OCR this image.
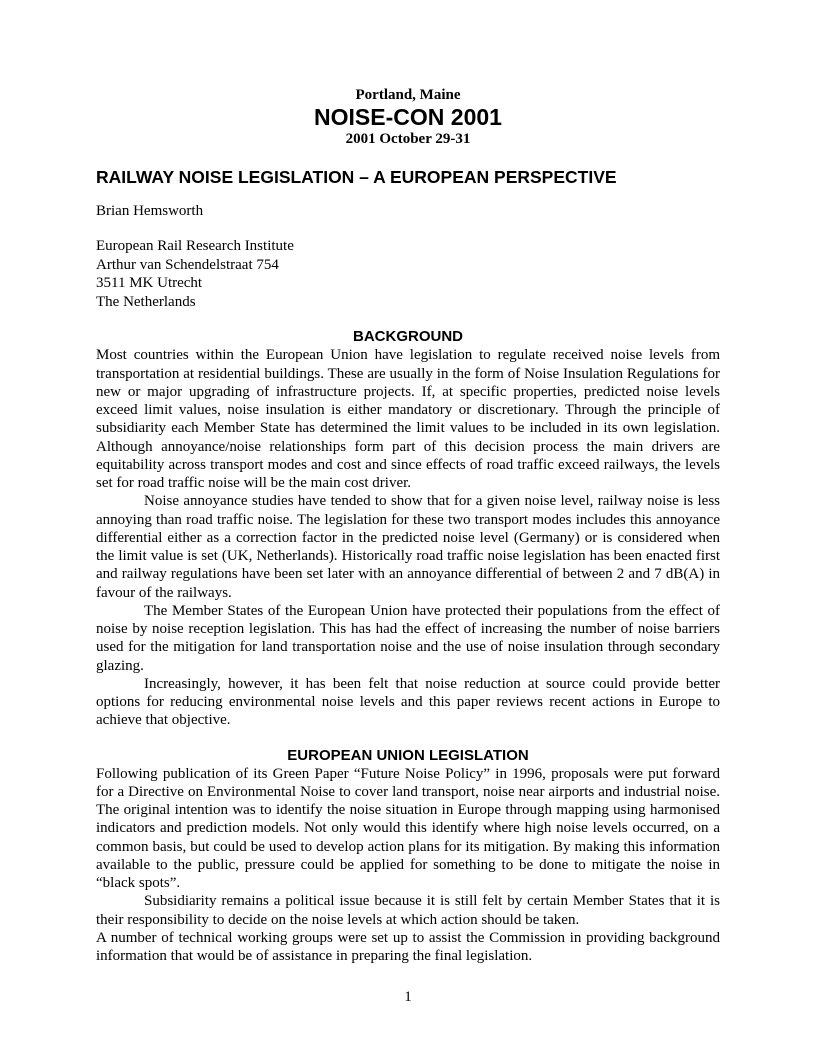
Portland, Maine
NOISE-CON 2001
2001 October 29-31
RAILWAY NOISE LEGISLATION – A EUROPEAN PERSPECTIVE
Brian Hemsworth
European Rail Research Institute
Arthur van Schendelstraat 754
3511 MK Utrecht
The Netherlands
BACKGROUND

Most countries within the European Union have legislation to regulate received noise levels from transportation at residential buildings. These are usually in the form of Noise Insulation Regulations for new or major upgrading of infrastructure projects. If, at specific properties, predicted noise levels exceed limit values, noise insulation is either mandatory or discretionary. Through the principle of subsidiarity each Member State has determined the limit values to be included in its own legislation. Although annoyance/noise relationships form part of this decision process the main drivers are equitability across transport modes and cost and since effects of road traffic exceed railways, the levels set for road traffic noise will be the main cost driver.

Noise annoyance studies have tended to show that for a given noise level, railway noise is less annoying than road traffic noise. The legislation for these two transport modes includes this annoyance differential either as a correction factor in the predicted noise level (Germany) or is considered when the limit value is set (UK, Netherlands). Historically road traffic noise legislation has been enacted first and railway regulations have been set later with an annoyance differential of between 2 and 7 dB(A) in favour of the railways.

The Member States of the European Union have protected their populations from the effect of noise by noise reception legislation. This has had the effect of increasing the number of noise barriers used for the mitigation for land transportation noise and the use of noise insulation through secondary glazing.

Increasingly, however, it has been felt that noise reduction at source could provide better options for reducing environmental noise levels and this paper reviews recent actions in Europe to achieve that objective.

EUROPEAN UNION LEGISLATION

Following publication of its Green Paper “Future Noise Policy” in 1996, proposals were put forward for a Directive on Environmental Noise to cover land transport, noise near airports and industrial noise. The original intention was to identify the noise situation in Europe through mapping using harmonised indicators and prediction models. Not only would this identify where high noise levels occurred, on a common basis, but could be used to develop action plans for its mitigation. By making this information available to the public, pressure could be applied for something to be done to mitigate the noise in “black spots”.

Subsidiarity remains a political issue because it is still felt by certain Member States that it is their responsibility to decide on the noise levels at which action should be taken.

A number of technical working groups were set up to assist the Commission in providing background information that would be of assistance in preparing the final legislation.

1
